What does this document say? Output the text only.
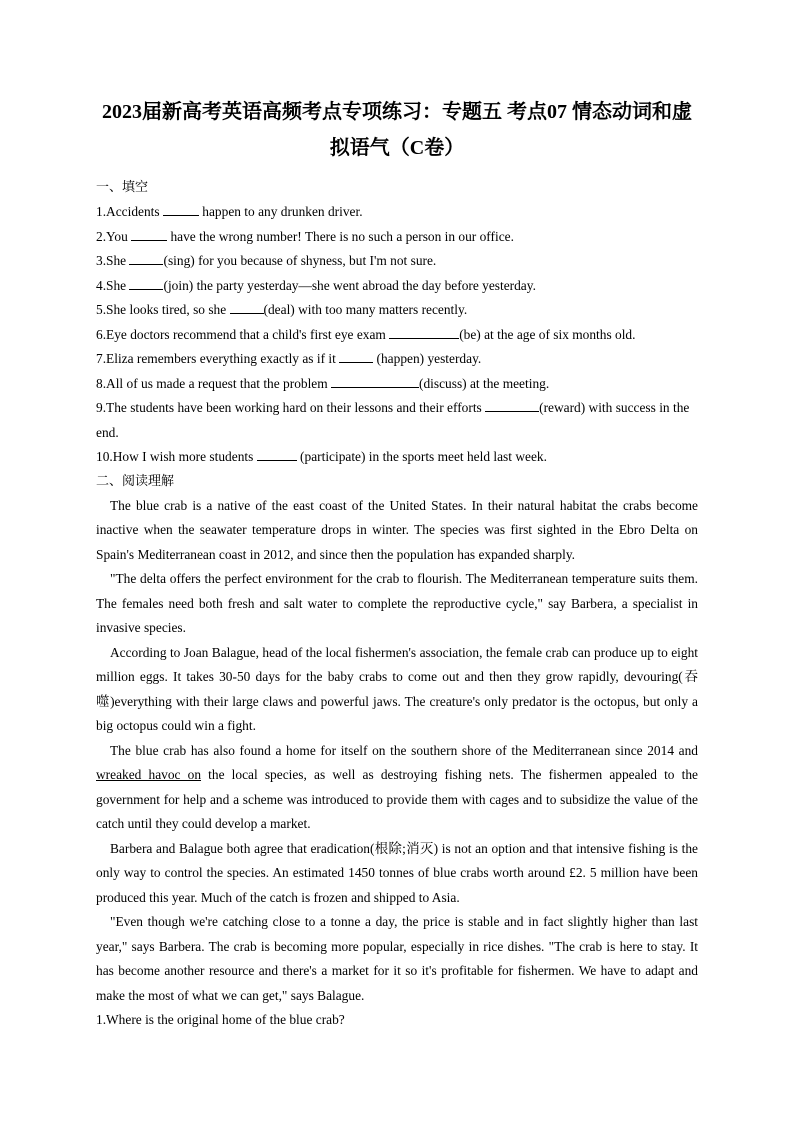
2023届新高考英语高频考点专项练习：专题五 考点07 情态动词和虚
拟语气（C卷）

一、填空

1.Accidents	happen to any drunken driver.

2.You	have the wrong number! There is no such a person in our office.

3.She	(sing) for you because of shyness, but I'm not sure.

4.She	(join) the party yesterday—she went abroad the day before yesterday.

5.She looks tired, so she	(deal) with too many matters recently.

6.Eye doctors recommend that a child's first eye exam	(be) at the age of six months old.

7.Eliza remembers everything exactly as if it	(happen) yesterday.

8.All of us made a request that the problem	(discuss) at the meeting.

9.The students have been working hard on their lessons and their efforts	(reward) with success in the end.

10.How I wish more students	(participate) in the sports meet held last week.

二、阅读理解

The blue crab is a native of the east coast of the United States. In their natural habitat the crabs become inactive when the seawater temperature drops in winter. The species was first sighted in the Ebro Delta on Spain's Mediterranean coast in 2012, and since then the population has expanded sharply.

"The delta offers the perfect environment for the crab to flourish. The Mediterranean temperature suits them. The females need both fresh and salt water to complete the reproductive cycle," say Barbera, a specialist in invasive species.

According to Joan Balague, head of the local fishermen's association, the female crab can produce up to eight million eggs. It takes 30-50 days for the baby crabs to come out and then they grow rapidly, devouring(吞噬)everything with their large claws and powerful jaws. The creature's only predator is the octopus, but only a big octopus could win a fight.

The blue crab has also found a home for itself on the southern shore of the Mediterranean since 2014 and wreaked havoc on the local species, as well as destroying fishing nets. The fishermen appealed to the government for help and a scheme was introduced to provide them with cages and to subsidize the value of the catch until they could develop a market.

Barbera and Balague both agree that eradication(根除;消灭) is not an option and that intensive fishing is the only way to control the species. An estimated 1450 tonnes of blue crabs worth around £2. 5 million have been produced this year. Much of the catch is frozen and shipped to Asia.

"Even though we're catching close to a tonne a day, the price is stable and in fact slightly higher than last year," says Barbera. The crab is becoming more popular, especially in rice dishes. "The crab is here to stay. It has become another resource and there's a market for it so it's profitable for fishermen. We have to adapt and make the most of what we can get," says Balague.

1.Where is the original home of the blue crab?
